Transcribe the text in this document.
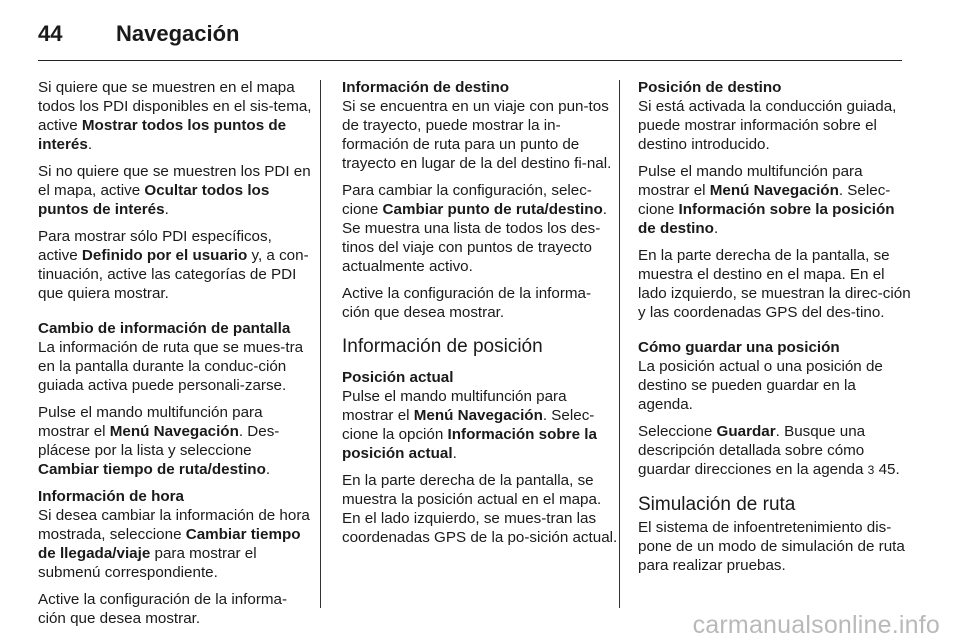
44	Navegación

Si quiere que se muestren en el mapa todos los PDI disponibles en el sis-tema, active Mostrar todos los puntos de interés.

Si no quiere que se muestren los PDI en el mapa, active Ocultar todos los puntos de interés.

Para mostrar sólo PDI específicos, active Definido por el usuario y, a con-tinuación, active las categorías de PDI que quiera mostrar.

Cambio de información de pantalla

La información de ruta que se mues-tra en la pantalla durante la conduc-ción guiada activa puede personali-zarse.

Pulse el mando multifunción para mostrar el Menú Navegación. Des-plácese por la lista y seleccione Cambiar tiempo de ruta/destino.

Información de hora

Si desea cambiar la información de hora mostrada, seleccione Cambiar tiempo de llegada/viaje para mostrar el submenú correspondiente.

Active la configuración de la informa-ción que desea mostrar.

Información de destino

Si se encuentra en un viaje con pun-tos de trayecto, puede mostrar la in-formación de ruta para un punto de trayecto en lugar de la del destino fi-nal.

Para cambiar la configuración, selec-cione Cambiar punto de ruta/destino. Se muestra una lista de todos los des-tinos del viaje con puntos de trayecto actualmente activo.

Active la configuración de la informa-ción que desea mostrar.

Información de posición
Posición actual

Pulse el mando multifunción para mostrar el Menú Navegación. Selec-cione la opción Información sobre la posición actual.

En la parte derecha de la pantalla, se muestra la posición actual en el mapa. En el lado izquierdo, se mues-tran las coordenadas GPS de la po-sición actual.

Posición de destino

Si está activada la conducción guiada, puede mostrar información sobre el destino introducido.

Pulse el mando multifunción para mostrar el Menú Navegación. Selec-cione Información sobre la posición de destino.

En la parte derecha de la pantalla, se muestra el destino en el mapa. En el lado izquierdo, se muestran la direc-ción y las coordenadas GPS del des-tino.

Cómo guardar una posición

La posición actual o una posición de destino se pueden guardar en la agenda.

Seleccione Guardar. Busque una descripción detallada sobre cómo guardar direcciones en la agenda 3 45.

Simulación de ruta

El sistema de infoentretenimiento dis-pone de un modo de simulación de ruta para realizar pruebas.

carmanualsonline.info
